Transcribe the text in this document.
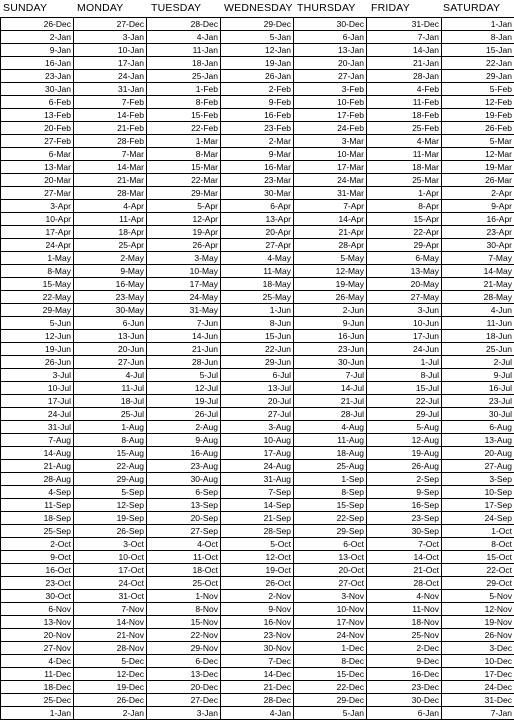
SUNDAY	MONDAY	TUESDAY WEDNESDAY THURSDAY FRIDAY	SATURDAY
26-Dec	27-Dec	28-Dec	29-Dec	30-Dec	31-Dec	1-Jan
2-Jan	3-Jan	4-Jan	5-Jan	6-Jan	7-Jan	8-Jan
9-Jan	10-Jan	11-Jan	12-Jan	13-Jan	14-Jan	15-Jan
16-Jan	17-Jan	18-Jan	19-Jan	20-Jan	21-Jan	22-Jan
23-Jan	24-Jan	25-Jan	26-Jan	27-Jan	28-Jan	29-Jan
30-Jan	31-Jan	1-Feb	2-Feb	3-Feb	4-Feb	5-Feb
6-Feb	7-Feb	8-Feb	9-Feb	10-Feb	11-Feb	12-Feb
13-Feb	14-Feb	15-Feb	16-Feb	17-Feb	18-Feb	19-Feb
20-Feb	21-Feb	22-Feb	23-Feb	24-Feb	25-Feb	26-Feb
27-Feb	28-Feb	1-Mar	2-Mar	3-Mar	4-Mar	5-Mar
6-Mar	7-Mar	8-Mar	9-Mar	10-Mar	11-Mar	12-Mar
13-Mar	14-Mar	15-Mar	16-Mar	17-Mar	18-Mar	19-Mar
20-Mar	21-Mar	22-Mar	23-Mar	24-Mar	25-Mar	26-Mar
27-Mar	28-Mar	29-Mar	30-Mar	31-Mar	1-Apr	2-Apr
3-Apr	4-Apr	5-Apr	6-Apr	7-Apr	8-Apr	9-Apr
10-Apr	11-Apr	12-Apr	13-Apr	14-Apr	15-Apr	16-Apr
17-Apr	18-Apr	19-Apr	20-Apr	21-Apr	22-Apr	23-Apr
24-Apr	25-Apr	26-Apr	27-Apr	28-Apr	29-Apr	30-Apr
1-May	2-May	3-May	4-May	5-May	6-May	7-May
8-May	9-May	10-May	11-May	12-May	13-May	14-May
15-May	16-May	17-May	18-May	19-May	20-May	21-May
22-May	23-May	24-May	25-May	26-May	27-May	28-May
29-May	30-May	31-May	1-Jun	2-Jun	3-Jun	4-Jun
5-Jun	6-Jun	7-Jun	8-Jun	9-Jun	10-Jun	11-Jun
12-Jun	13-Jun	14-Jun	15-Jun	16-Jun	17-Jun	18-Jun
19-Jun	20-Jun	21-Jun	22-Jun	23-Jun	24-Jun	25-Jun
26-Jun	27-Jun	28-Jun	29-Jun	30-Jun	1-Jul	2-Jul
3-Jul	4-Jul	5-Jul	6-Jul	7-Jul	8-Jul	9-Jul
10-Jul	11-Jul	12-Jul	13-Jul	14-Jul	15-Jul	16-Jul
17-Jul	18-Jul	19-Jul	20-Jul	21-Jul	22-Jul	23-Jul
24-Jul	25-Jul	26-Jul	27-Jul	28-Jul	29-Jul	30-Jul
31-Jul	1-Aug	2-Aug	3-Aug	4-Aug	5-Aug	6-Aug
7-Aug	8-Aug	9-Aug	10-Aug	11-Aug	12-Aug	13-Aug
14-Aug	15-Aug	16-Aug	17-Aug	18-Aug	19-Aug	20-Aug
21-Aug	22-Aug	23-Aug	24-Aug	25-Aug	26-Aug	27-Aug
28-Aug	29-Aug	30-Aug	31-Aug	1-Sep	2-Sep	3-Sep
4-Sep	5-Sep	6-Sep	7-Sep	8-Sep	9-Sep	10-Sep
11-Sep	12-Sep	13-Sep	14-Sep	15-Sep	16-Sep	17-Sep
18-Sep	19-Sep	20-Sep	21-Sep	22-Sep	23-Sep	24-Sep
25-Sep	26-Sep	27-Sep	28-Sep	29-Sep	30-Sep	1-Oct
2-Oct	3-Oct	4-Oct	5-Oct	6-Oct	7-Oct	8-Oct
9-Oct	10-Oct	11-Oct	12-Oct	13-Oct	14-Oct	15-Oct
16-Oct	17-Oct	18-Oct	19-Oct	20-Oct	21-Oct	22-Oct
23-Oct	24-Oct	25-Oct	26-Oct	27-Oct	28-Oct	29-Oct
30-Oct	31-Oct	1-Nov	2-Nov	3-Nov	4-Nov	5-Nov
6-Nov	7-Nov	8-Nov	9-Nov	10-Nov	11-Nov	12-Nov
13-Nov	14-Nov	15-Nov	16-Nov	17-Nov	18-Nov	19-Nov
20-Nov	21-Nov	22-Nov	23-Nov	24-Nov	25-Nov	26-Nov
27-Nov	28-Nov	29-Nov	30-Nov	1-Dec	2-Dec	3-Dec
4-Dec	5-Dec	6-Dec	7-Dec	8-Dec	9-Dec	10-Dec
11-Dec	12-Dec	13-Dec	14-Dec	15-Dec	16-Dec	17-Dec
18-Dec	19-Dec	20-Dec	21-Dec	22-Dec	23-Dec	24-Dec
25-Dec	26-Dec	27-Dec	28-Dec	29-Dec	30-Dec	31-Dec
1-Jan	2-Jan	3-Jan	4-Jan	5-Jan	6-Jan	7-Jan
